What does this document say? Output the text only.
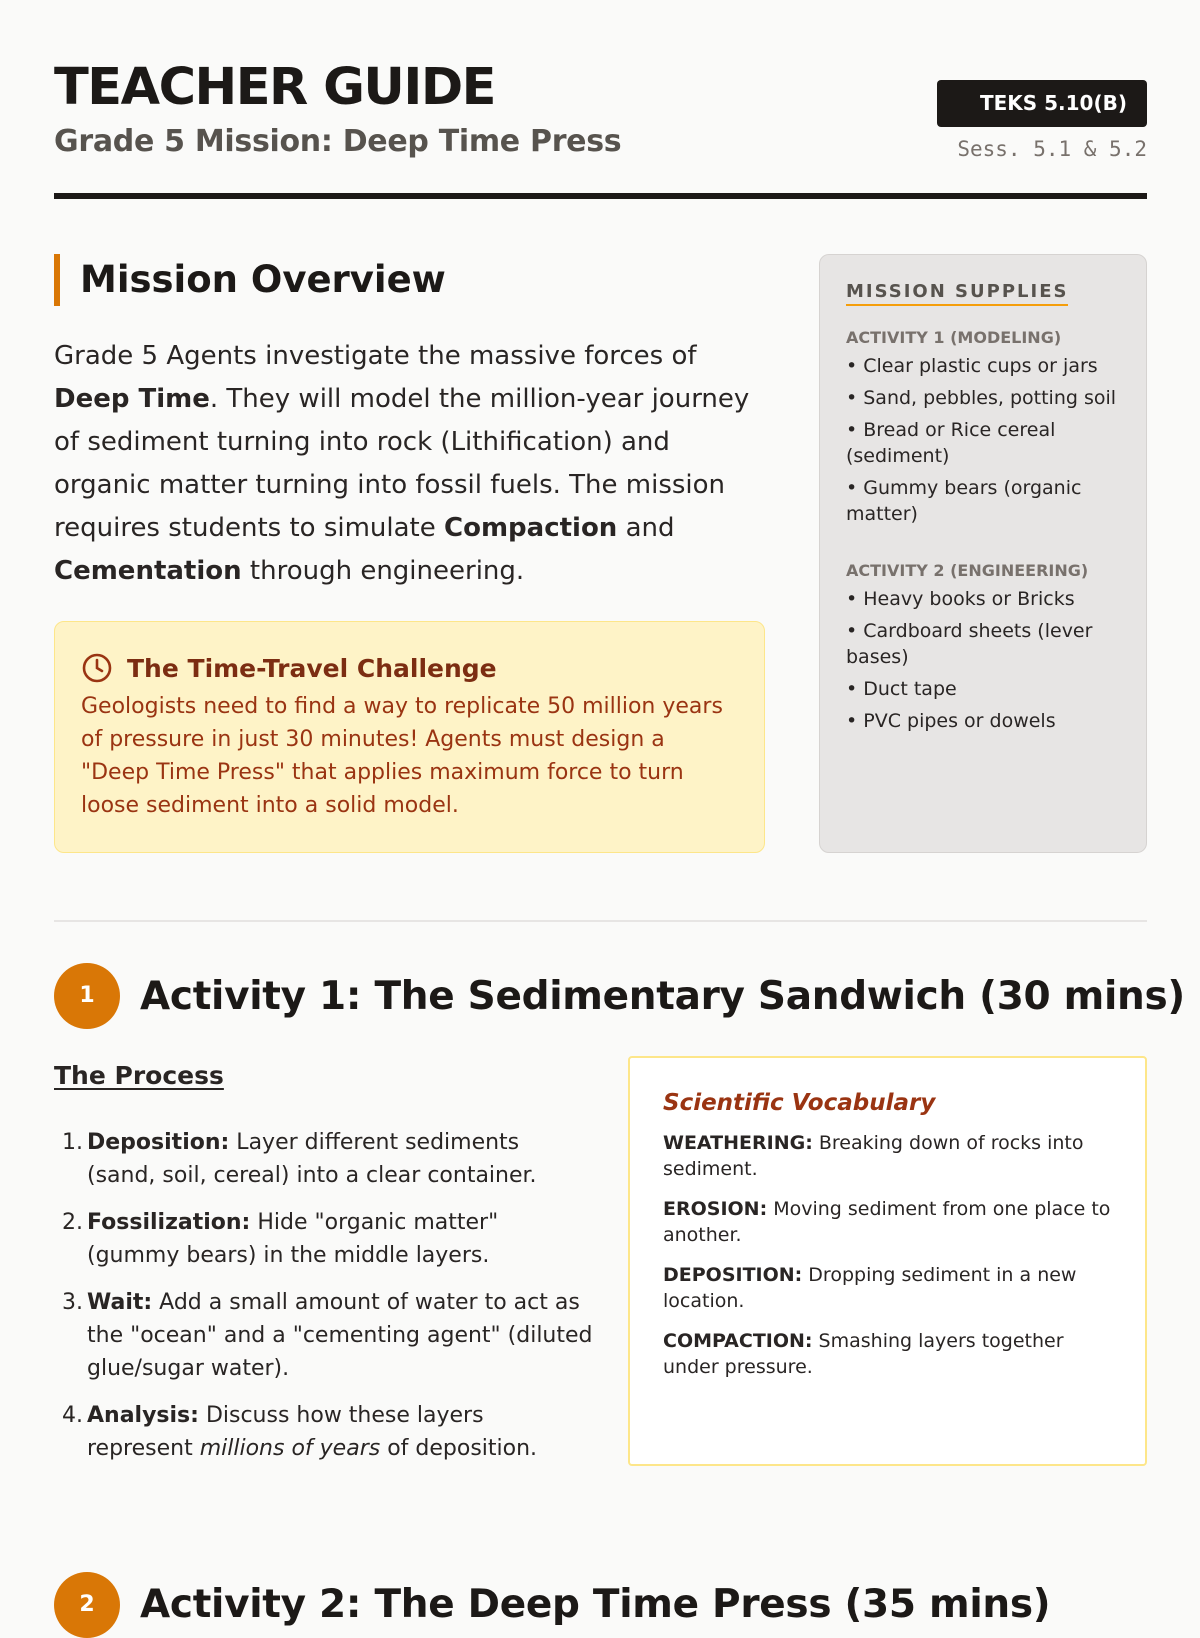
TEACHER GUIDE
Grade 5 Mission: Deep Time Press
TEKS 5.10(B)
Sess. 5.1 & 5.2
Mission Overview

Grade 5 Agents investigate the massive forces of Deep Time. They will model the million-year journey of sediment turning into rock (Lithification) and organic matter turning into fossil fuels. The mission requires students to simulate Compaction and Cementation through engineering.

The Time-Travel Challenge

Geologists need to find a way to replicate 50 million years of pressure in just 30 minutes! Agents must design a "Deep Time Press" that applies maximum force to turn loose sediment into a solid model.

MISSION SUPPLIES
ACTIVITY 1 (MODELING)
• Clear plastic cups or jars
• Sand, pebbles, potting soil
• Bread or Rice cereal (sediment)
• Gummy bears (organic matter)
ACTIVITY 2 (ENGINEERING)
• Heavy books or Bricks
• Cardboard sheets (lever bases)
• Duct tape
• PVC pipes or dowels
1	Activity 1: The Sedimentary Sandwich (30 mins)
The Process
1. Deposition: Layer different sediments (sand, soil, cereal) into a clear container.
2. Fossilization: Hide "organic matter" (gummy bears) in the middle layers.
3. Wait: Add a small amount of water to act as the "ocean" and a "cementing agent" (diluted glue/sugar water).
4. Analysis: Discuss how these layers represent millions of years of deposition.
Scientific Vocabulary
WEATHERING: Breaking down of rocks into sediment.
EROSION: Moving sediment from one place to another.
DEPOSITION: Dropping sediment in a new location.
COMPACTION: Smashing layers together under pressure.
2	Activity 2: The Deep Time Press (35 mins)
